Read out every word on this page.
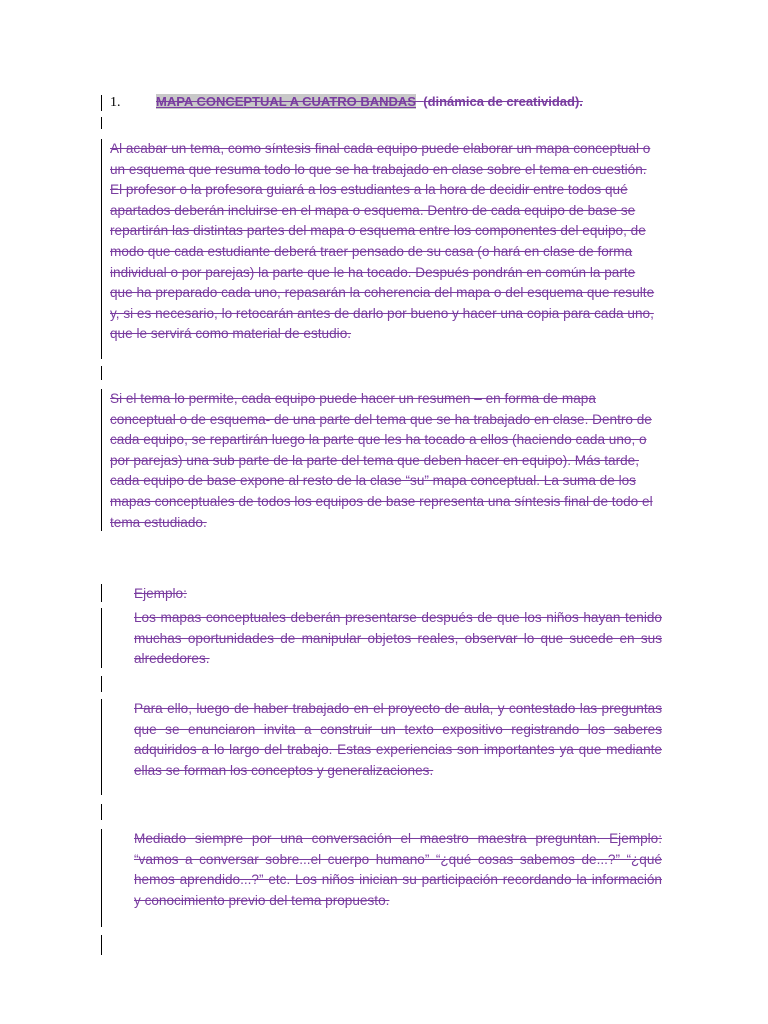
1.	MAPA CONCEPTUAL A CUATRO BANDAS (dinámica de creatividad).

Al acabar un tema, como síntesis final cada equipo puede elaborar un mapa conceptual o un esquema que resuma todo lo que se ha trabajado en clase sobre el tema en cuestión. El profesor o la profesora guiará a los estudiantes a la hora de decidir entre todos qué apartados deberán incluirse en el mapa o esquema. Dentro de cada equipo de base se repartirán las distintas partes del mapa o esquema entre los componentes del equipo, de modo que cada estudiante deberá traer pensado de su casa (o hará en clase de forma individual o por parejas) la parte que le ha tocado. Después pondrán en común la parte que ha preparado cada uno, repasarán la coherencia del mapa o del esquema que resulte y, si es necesario, lo retocarán antes de darlo por bueno y hacer una copia para cada uno, que le servirá como material de estudio.

Si el tema lo permite, cada equipo puede hacer un resumen – en forma de mapa conceptual o de esquema- de una parte del tema que se ha trabajado en clase. Dentro de cada equipo, se repartirán luego la parte que les ha tocado a ellos (haciendo cada uno, o por parejas) una sub parte de la parte del tema que deben hacer en equipo). Más tarde, cada equipo de base expone al resto de la clase “su” mapa conceptual. La suma de los mapas conceptuales de todos los equipos de base representa una síntesis final de todo el tema estudiado.

Ejemplo:

Los mapas conceptuales deberán presentarse después de que los niños hayan tenido muchas oportunidades de manipular objetos reales, observar lo que sucede en sus alrededores.

Para ello, luego de haber trabajado en el proyecto de aula, y contestado las preguntas que se enunciaron invita a construir un texto expositivo registrando los saberes adquiridos a lo largo del trabajo. Estas experiencias son importantes ya que mediante ellas se forman los conceptos y generalizaciones.

Mediado siempre por una conversación el maestro maestra preguntan. Ejemplo: “vamos a conversar sobre...el cuerpo humano” “¿qué cosas sabemos de...?” “¿qué hemos aprendido...?” etc. Los niños inician su participación recordando la información y conocimiento previo del tema propuesto.
